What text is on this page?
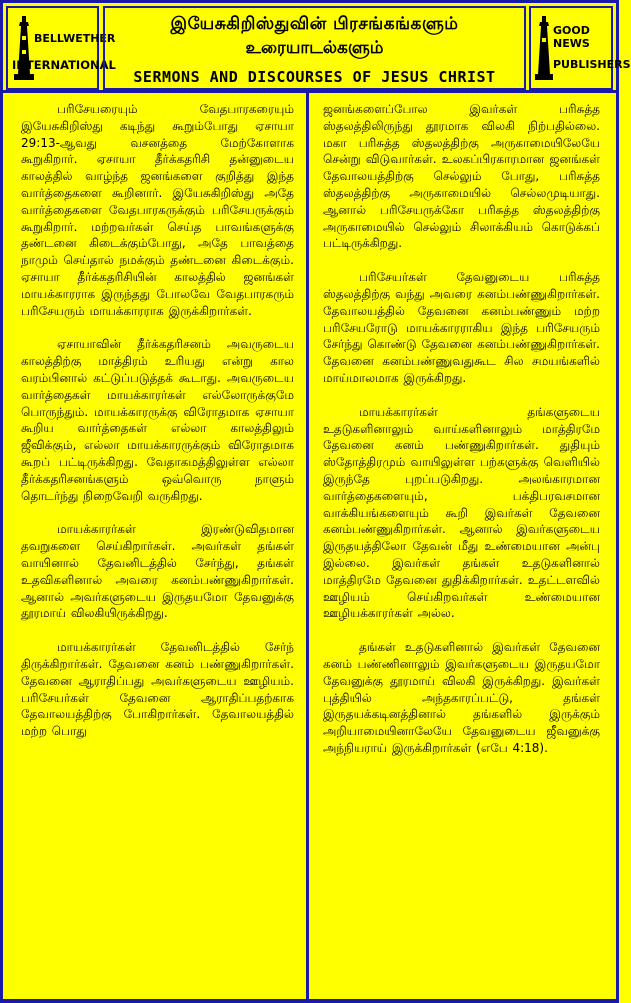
BELLWETHER
INTERNATIONAL
இயேசுகிறிஸ்துவின் பிரசங்கங்களும்
உரையாடல்களும்
SERMONS AND DISCOURSES OF JESUS CHRIST
GOOD NEWS
PUBLISHERS

பரிசேயரையும் வேதபாரகரையும் இயேசுகிறிஸ்து கடிந்து கூறும்போது ஏசாயா 29:13-ஆவது வசனத்தை மேற்கோளாக கூறுகிறார். ஏசாயா தீர்க்கதரிசி தன்னுடைய காலத்தில் வாழ்ந்த ஜனங்களை குறித்து இந்த வார்த்தைகளை கூறினார். இயேசுகிறிஸ்து அதே வார்த்தைகளை வேதபாரகருக்கும் பரிசேயருக்கும் கூறுகிறார். மற்றவர்கள் செய்த பாவங்களுக்கு தண்டனை கிடைக்கும்போது, அதே பாவத்தை நாமும் செய்தால் நமக்கும் தண்டனை கிடைக்கும். ஏசாயா தீர்க்கதரிசியின் காலத்தில் ஜனங்கள் மாயக்காரராக இருந்தது போலவே வேதபாரகரும் பரிசேயரும் மாயக்காரராக இருக்கிறார்கள்.

ஏசாயாவின் தீர்க்கதரிசனம் அவருடைய காலத்திற்கு மாத்திரம் உரியது என்று கால வரம்பினால் கட்டுப்படுத்தக் கூடாது. அவருடைய வார்த்தைகள் மாயக்காரர்கள் எல்லோருக்குமே பொருந்தும். மாயக்காரருக்கு விரோதமாக ஏசாயா கூறிய வார்த்தைகள் எல்லா காலத்திலும் ஜீவிக்கும், எல்லா மாயக்காரருக்கும் விரோதமாக கூறப் பட்டிருக்கிறது. வேதாகமத்திலுள்ள எல்லா தீர்க்கதரிசனங்களும் ஒவ்வொரு நாளும் தொடர்ந்து நிறைவேறி வருகிறது.

மாயக்காரர்கள் இரண்டுவிதமான தவறுகளை செய்கிறார்கள். அவர்கள் தங்கள் வாயினால் தேவனிடத்தில் சேர்ந்து, தங்கள் உதவிகளினால் அவரை கனம்பண்ணுகிறார்கள். ஆனால் அவர்களுடைய இருதயமோ தேவனுக்கு தூரமாய் விலகியிருக்கிறது.

மாயக்காரர்கள் தேவனிடத்தில் சேர்ந் திருக்கிறார்கள். தேவனை கனம் பண்ணுகிறார்கள். தேவனை ஆராதிப்பது அவர்களுடைய ஊழியம். பரிசேயர்கள் தேவனை ஆராதிப்பதற்காக தேவாலயத்திற்கு போகிறார்கள். தேவாலயத்தில் மற்ற பொது

ஜனங்களைப்போல இவர்கள் பரிசுத்த ஸ்தலத்திலிருந்து தூரமாக விலகி நிற்பதில்லை. மகா பரிசுத்த ஸ்தலத்திற்கு அருகாமையிலேயே சென்று விடுவார்கள். உலகப்பிரகாரமான ஜனங்கள் தேவாலயத்திற்கு செல்லும் போது, பரிசுத்த ஸ்தலத்திற்கு அருகாமையில் செல்லமுடியாது. ஆனால் பரிசேயருக்கோ பரிசுத்த ஸ்தலத்திற்கு அருகாமையில் செல்லும் சிலாக்கியம் கொடுக்கப் பட்டிருக்கிறது.

பரிசேயர்கள் தேவனுடைய பரிசுத்த ஸ்தலத்திற்கு வந்து அவரை கனம்பண்ணுகிறார்கள். தேவாலயத்தில் தேவனை கனம்பண்ணும் மற்ற பரிசேயரோடு மாயக்காரராகிய இந்த பரிசேயரும் சேர்ந்து கொண்டு தேவனை கனம்பண்ணுகிறார்கள். தேவனை கனம்பண்ணுவதுகூட சில சமயங்களில் மாய்மாலமாக இருக்கிறது.

மாயக்காரர்கள் தங்களுடைய உதடுகளினாலும் வாய்களினாலும் மாத்திரமே தேவனை கனம் பண்ணுகிறார்கள். துதியும் ஸ்தோத்திரமும் வாயிலுள்ள பற்களுக்கு வெளியில் இருந்தே புறப்படுகிறது. அலங்காரமான வார்த்தைகளையும், பக்திபரவசமான வாக்கியங்களையும் கூறி இவர்கள் தேவனை கனம்பண்ணுகிறார்கள். ஆனால் இவர்களுடைய இருதயத்திலோ தேவன் மீது உண்மையான அன்பு இல்லை. இவர்கள் தங்கள் உதடுகளினால் மாத்திரமே தேவனை துதிக்கிறார்கள். உதட்டளவில் ஊழியம் செய்கிறவர்கள் உண்மையான ஊழியக்காரர்கள் அல்ல.

தங்கள் உதடுகளினால் இவர்கள் தேவனை கனம் பண்ணினாலும் இவர்களுடைய இருதயமோ தேவனுக்கு தூரமாய் விலகி இருக்கிறது. இவர்கள் புத்தியில் அந்தகாரப்பட்டு, தங்கள் இருதயக்கடினத்தினால் தங்களில் இருக்கும் அறியாமையினாலேயே தேவனுடைய ஜீவனுக்கு அந்நியராய் இருக்கிறார்கள் (எபே 4:18).
